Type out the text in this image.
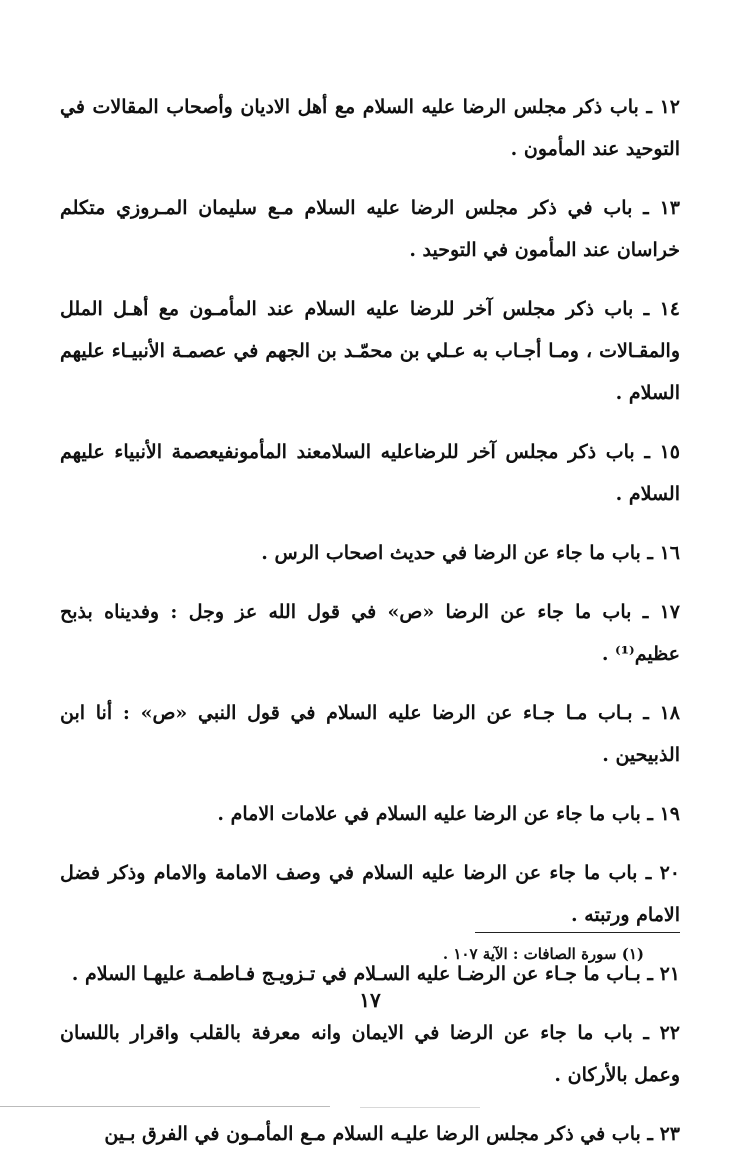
١٢ ـ باب ذكر مجلس الرضا عليه السلام مع أهل الاديان وأصحاب المقالات في التوحيد عند المأمون .

١٣ ـ باب في ذكر مجلس الرضا عليه السلام مـع سليمان المـروزي متكلم خراسان عند المأمون في التوحيد .

١٤ ـ باب ذكر مجلس آخر للرضا عليه السلام عند المأمـون مع أهـل الملل والمقـالات ، ومـا أجـاب به عـلي بن محمّـد بن الجهم في عصمـة الأنبيـاء عليهم السلام .

١٥ ـ باب ذكر مجلس آخر للرضاعليه السلامعند المأمونفيعصمة الأنبياء عليهم السلام .

١٦ ـ باب ما جاء عن الرضا في حديث اصحاب الرس .

١٧ ـ باب ما جاء عن الرضا «ص» في قول الله عز وجل : وفديناه بذبح عظيم⁽¹⁾ .

١٨ ـ بـاب مـا جـاء عن الرضا عليه السلام في قول النبي «ص» : أنا ابن الذبيحين .

١٩ ـ باب ما جاء عن الرضا عليه السلام في علامات الامام .

٢٠ ـ باب ما جاء عن الرضا عليه السلام في وصف الامامة والامام وذكر فضل الامام ورتبته .

٢١ ـ بـاب ما جـاء عن الرضـا عليه السـلام في تـزويـج فـاطمـة عليهـا السلام .

٢٢ ـ باب ما جاء عن الرضا في الايمان وانه معرفة بالقلب واقرار باللسان وعمل بالأركان .

٢٣ ـ باب في ذكر مجلس الرضا عليـه السلام مـع المأمـون في الفرق بـين

(١) سورة الصافات : الآية ١٠٧ .
١٧
